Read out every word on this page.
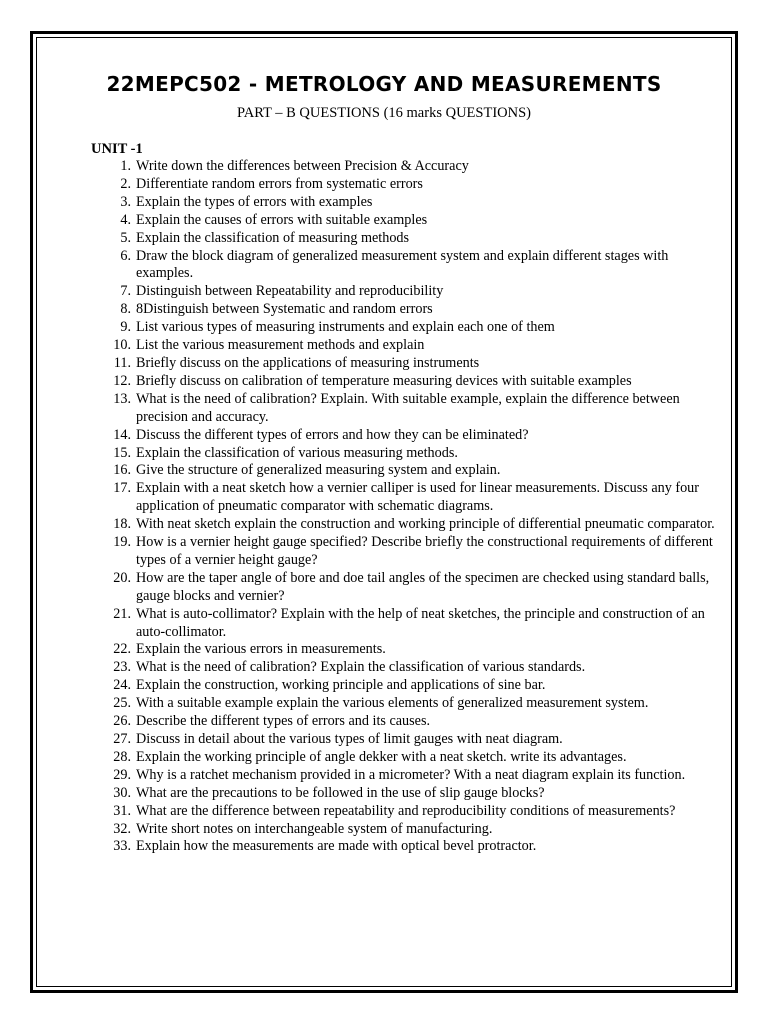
22MEPC502 - METROLOGY AND MEASUREMENTS
PART – B QUESTIONS (16 marks QUESTIONS)
UNIT -1
1. Write down the differences between Precision & Accuracy
2. Differentiate random errors from systematic errors
3. Explain the types of errors with examples
4. Explain the causes of errors with suitable examples
5. Explain the classification of measuring methods
6. Draw the block diagram of generalized measurement system and explain different stages with examples.
7. Distinguish between Repeatability and reproducibility
8. 8Distinguish between Systematic and random errors
9. List various types of measuring instruments and explain each one of them
10. List the various measurement methods and explain
11. Briefly discuss on the applications of measuring instruments
12. Briefly discuss on calibration of temperature measuring devices with suitable examples
13. What is the need of calibration? Explain. With suitable example, explain the difference between precision and accuracy.
14. Discuss the different types of errors and how they can be eliminated?
15. Explain the classification of various measuring methods.
16. Give the structure of generalized measuring system and explain.
17. Explain with a neat sketch how a vernier calliper is used for linear measurements. Discuss any four application of pneumatic comparator with schematic diagrams.
18. With neat sketch explain the construction and working principle of differential pneumatic comparator.
19. How is a vernier height gauge specified? Describe briefly the constructional requirements of different types of a vernier height gauge?
20. How are the taper angle of bore and doe tail angles of the specimen are checked using standard balls, gauge blocks and vernier?
21. What is auto-collimator? Explain with the help of neat sketches, the principle and construction of an auto-collimator.
22. Explain the various errors in measurements.
23. What is the need of calibration? Explain the classification of various standards.
24. Explain the construction, working principle and applications of sine bar.
25. With a suitable example explain the various elements of generalized measurement system.
26. Describe the different types of errors and its causes.
27. Discuss in detail about the various types of limit gauges with neat diagram.
28. Explain the working principle of angle dekker with a neat sketch. write its advantages.
29. Why is a ratchet mechanism provided in a micrometer? With a neat diagram explain its function.
30. What are the precautions to be followed in the use of slip gauge blocks?
31. What are the difference between repeatability and reproducibility conditions of measurements?
32. Write short notes on interchangeable system of manufacturing.
33. Explain how the measurements are made with optical bevel protractor.
